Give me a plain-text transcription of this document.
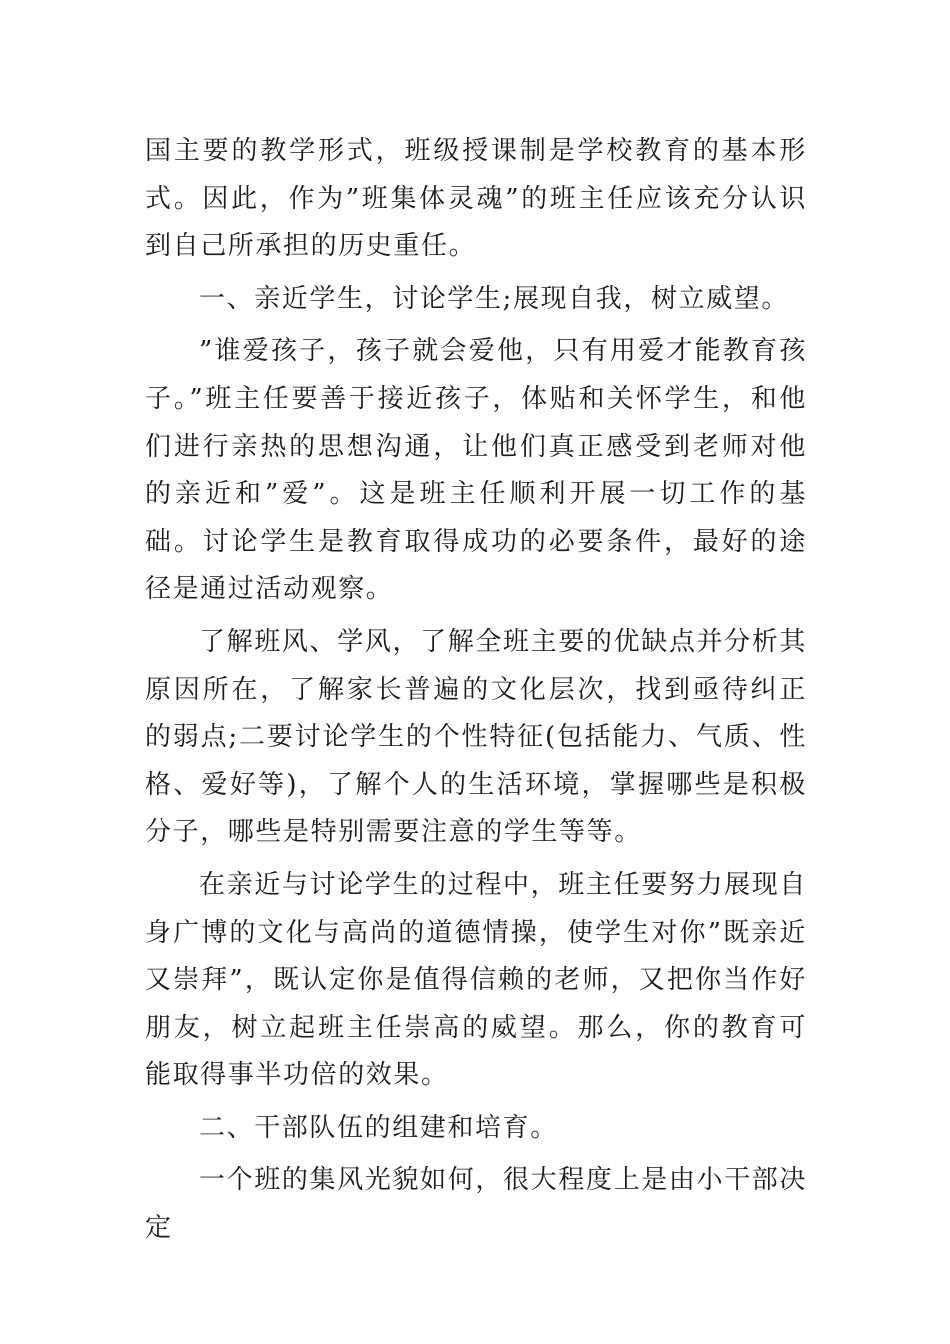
国主要的教学形式，班级授课制是学校教育的基本形式。因此，作为”班集体灵魂”的班主任应该充分认识到自己所承担的历史重任。

一、亲近学生，讨论学生;展现自我，树立威望。

”谁爱孩子，孩子就会爱他，只有用爱才能教育孩子。”班主任要善于接近孩子，体贴和关怀学生，和他们进行亲热的思想沟通，让他们真正感受到老师对他的亲近和”爱”。这是班主任顺利开展一切工作的基础。讨论学生是教育取得成功的必要条件，最好的途径是通过活动观察。

了解班风、学风，了解全班主要的优缺点并分析其原因所在，了解家长普遍的文化层次，找到亟待纠正的弱点;二要讨论学生的个性特征(包括能力、气质、性格、爱好等)，了解个人的生活环境，掌握哪些是积极分子，哪些是特别需要注意的学生等等。

在亲近与讨论学生的过程中，班主任要努力展现自身广博的文化与高尚的道德情操，使学生对你”既亲近又崇拜”，既认定你是值得信赖的老师，又把你当作好朋友，树立起班主任崇高的威望。那么，你的教育可能取得事半功倍的效果。

二、干部队伍的组建和培育。

一个班的集风光貌如何，很大程度上是由小干部决定
